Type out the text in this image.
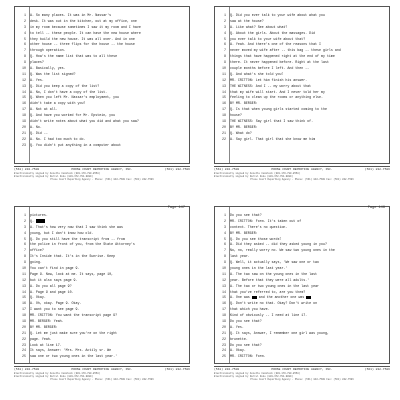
1	A. So many places. It was in Mr. Nassar's
2	desk. It was out in the kitchen, out at my office, one
3	in my room because sometimes I saw it my room and I have
4	to tell -- these people. It can have the new house where
5	they build the new house. It was all over. And in one
6	other house -- three flips for the house -- the house
7	through operation.
8	Q. How's the name list that was to all these
9	places?
10	A. Basically, yes.
11	Q. Was the list signed?
12	A. Yes.
13	Q. Did you keep a copy of the list?
14	A. No, I don't have a copy of the list.
15	Q. When you left Mr. Nassar's employment, you
16	didn't take a copy with you?
17	A. Not at all.
18	Q. And have you worked for Mr. Epstein, you
19	didn't write notes about what you did and what you saw?
20	A. No.
21	Q. Did --
22	A. No. I had too much to do.
23	Q. You didn't put anything in a computer about
(561) 832-7500	PROSE COURT REPORTING AGENCY, INC.	(561) 832-7506
Electronically signed by Annette Comstock (001-170-780-8558)
Electronically signed by Darrel Duke (801-372-791-9089)
Prose Court Reporting Agency - Phone: (561) 832-7500 Fax: (561) 832-7506
1	Q. Did you ever talk to your wife about what you
2	saw at the house?
3	A. Like what? See about what?
4	Q. About the girls. About the massages. Did
5	you ever talk to your wife about that?
6	A. Yeah. And there's one of the reasons that I
7	never moved my wife after -- this bag -- these girls and
8	things that have happened right at the end of my time
9	there. It never happened before. Right at the last
10	couple months before I left. And then --
11	Q. And what's she told you?
12	MR. CRITTON: Let him finish his answer.
13	THE WITNESS: And I -- my worry about that
14	that my wife will start. And I never told her my
15	feeling to clean up the rooms or anything else.
16	BY MR. BERGER:
17	Q. Is that when young girls started coming to the
18	house?
19	THE WITNESS: Say girl that I saw think of.
20	BY MR. BERGER:
21	Q. What do?
22	A. Say girl. That girl that she know me him
(561) 832-7500	PROSE COURT REPORTING AGENCY, INC.	(561) 832-7506
Electronically signed by Annette Comstock (001-170-780-8558)
Electronically signed by Darrel Duke (801-372-791-9089)
Prose Court Reporting Agency - Phone: (561) 832-7500 Fax: (561) 832-7506
Page 147
1	pictures.
2	Q.
3	A. That's how very now that I saw think she was
4	young, but I don't know how old.
5	Q. Do you still have the transcript from -- from
6	the police in front of you, from the State Attorney's
7	office?
8	It's Inside that. It's in the Sunrise. Keep
9	going.
10	You can't find in page 9.
11	Page 9. Now, look at me. It says, page 10,
12	but it also says page 9.
13	A. Do you all page 9?
14	A. Page 9 and page 10.
15	Q. Okay.
16	A. Oh, okay. Page 9. Okay.
17	I want you to see page 9.
18	MR. CRITTON: You want the transcript page 9?
19	MR. BERGER: Yeah.
20	BY MR. BERGER:
21	Q. Let me just make sure you're on the right
22	page. Yeah.
23	Look at line 17.
24	It says, Answer: 'Mrs. Mrs. Actily sr. We
25	saw one or two young ones in the last year.'
(561) 832-7500	PROSE COURT REPORTING AGENCY, INC.	(561) 832-7506
Electronically signed by Annette Comstock (001-170-780-8558)
Electronically signed by Darrel Duke (801-372-791-9089)
Prose Court Reporting Agency - Phone: (561) 832-7500 Fax: (561) 832-7506
Page 148
1	Do you see that?
2	MR. CRITTON: Form. It's taken out of
3	context. There's no question.
4	BY MR. BERGER:
5	Q. Do you see those words?
6	A. Did they asked -- did they asked young in you?
7	No, no, really worry no. We saw two young ones in the
8	last year.
9	Q. Well, it actually says, 'We saw one or two
10	young ones in the last year.'
11	A. The two saw on the young ones in the last
12	year. Before that they were all adults.'
13	A. The two or two young ones in the last year
14	that you've referred to, are you them?
15	A. One was  and the another one was
16	Q. Don't write no that. Okay? Don't write on
17	that which you have.
18	Kind of obviously -- I need at line 17.
19	Do you see that?
20	A. Yes.
21	Q. It says, Answer, I remember one girl was young,
22	brunette.
23	Do you see that?
24	A. Okay.
25	MR. CRITTON: Form.
(561) 832-7500	PROSE COURT REPORTING AGENCY, INC.	(561) 832-7506
Electronically signed by Annette Comstock (001-170-780-8558)
Electronically signed by Darrel Duke (801-372-791-9089)
Prose Court Reporting Agency - Phone: (561) 832-7500 Fax: (561) 832-7506
